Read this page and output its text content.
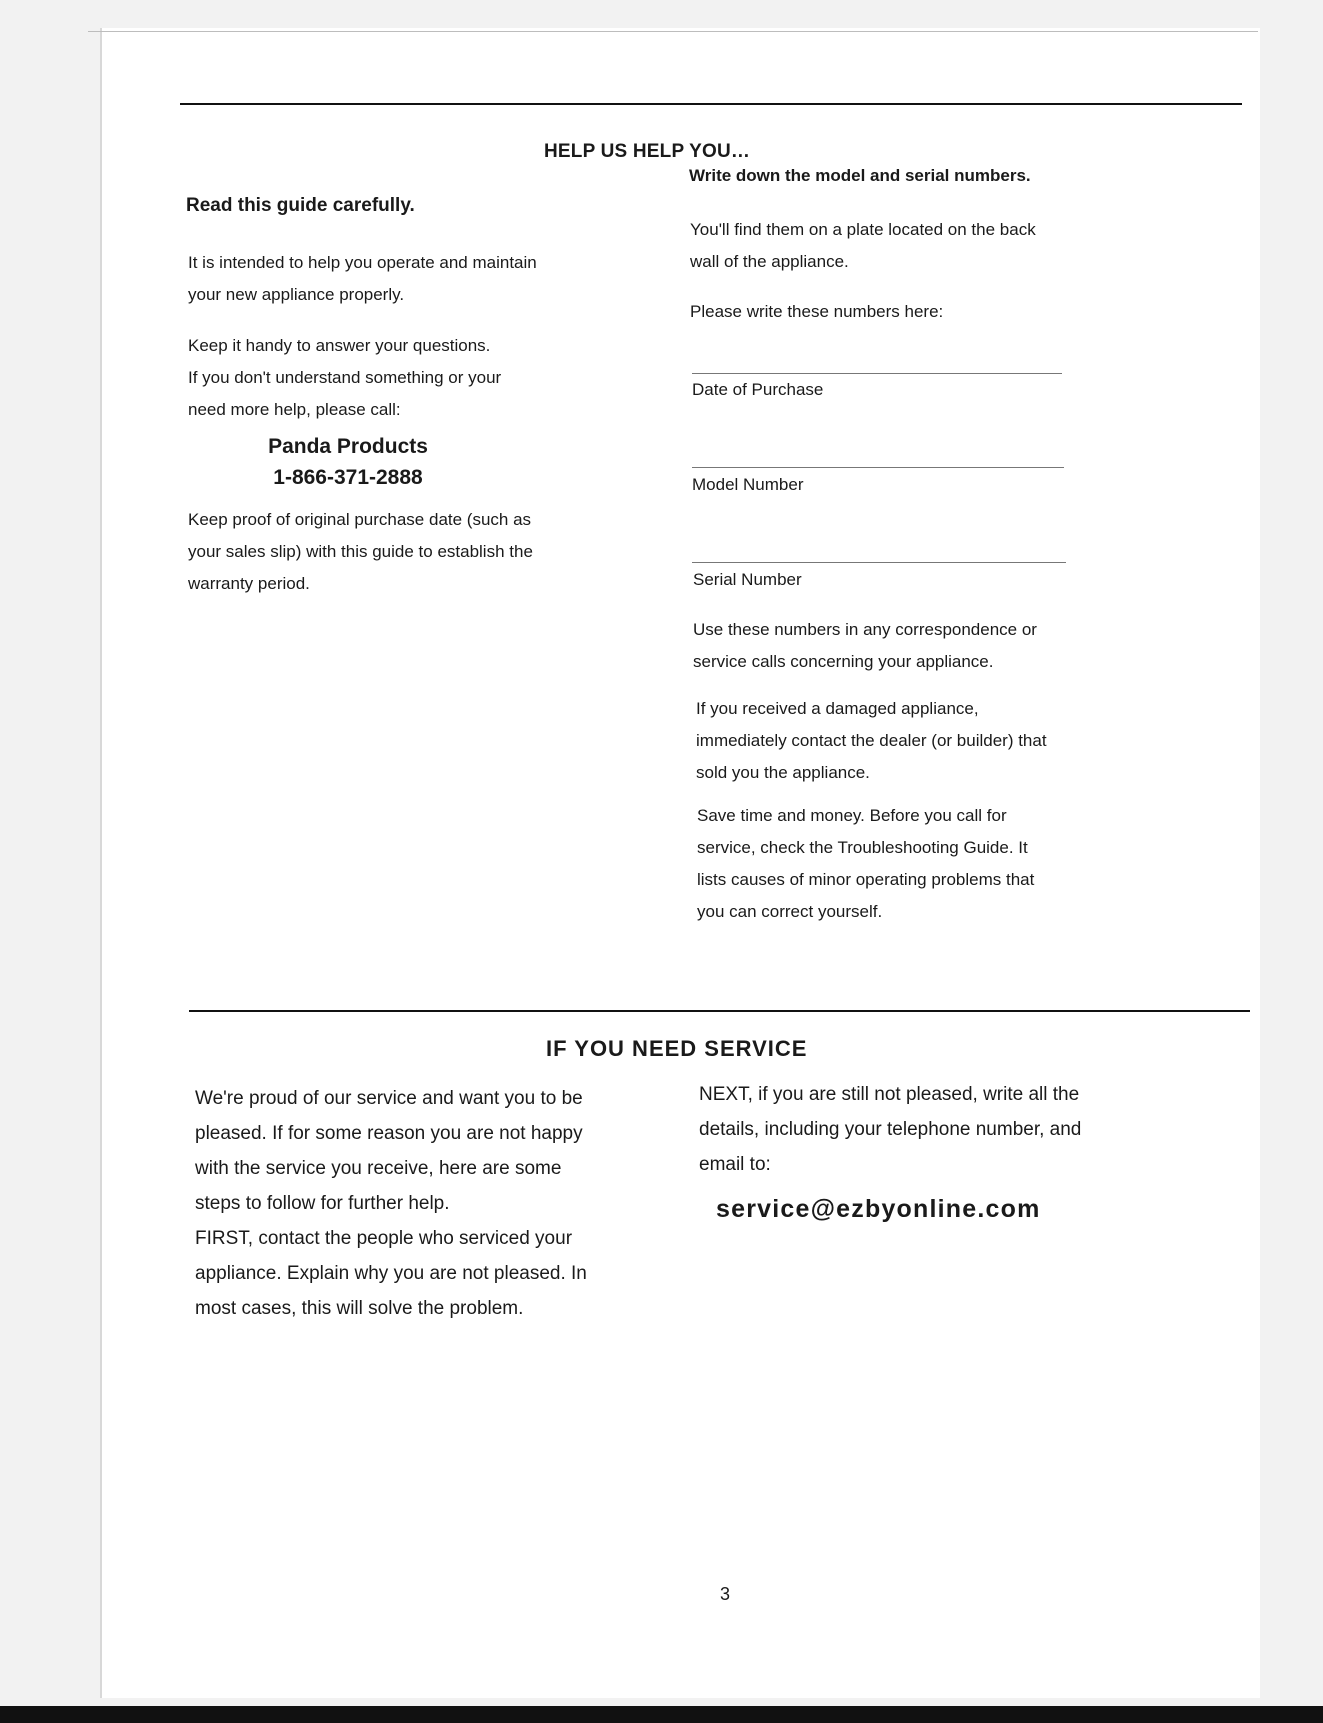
HELP US HELP YOU…
Read this guide carefully.

It is intended to help you operate and maintain

your new appliance properly.

Keep it handy to answer your questions.

If you don't understand something or your

need more help, please call:

Panda Products
1-866-371-2888

Keep proof of original purchase date (such as

your sales slip) with this guide to establish the

warranty period.

Write down the model and serial numbers.

You'll find them on a plate located on the back

wall of the appliance.

Please write these numbers here:
Date of Purchase
Model Number
Serial Number

Use these numbers in any correspondence or

service calls concerning your appliance.

If you received a damaged appliance,

immediately contact the dealer (or builder) that

sold you the appliance.

Save time and money. Before you call for

service, check the Troubleshooting Guide. It

lists causes of minor operating problems that

you can correct yourself.

IF YOU NEED SERVICE

We're proud of our service and want you to be

pleased. If for some reason you are not happy

with the service you receive, here are some

steps to follow for further help.

FIRST, contact the people who serviced your

appliance. Explain why you are not pleased. In

most cases, this will solve the problem.

NEXT, if you are still not pleased, write all the

details, including your telephone number, and

email to:

service@ezbyonline.com
3
